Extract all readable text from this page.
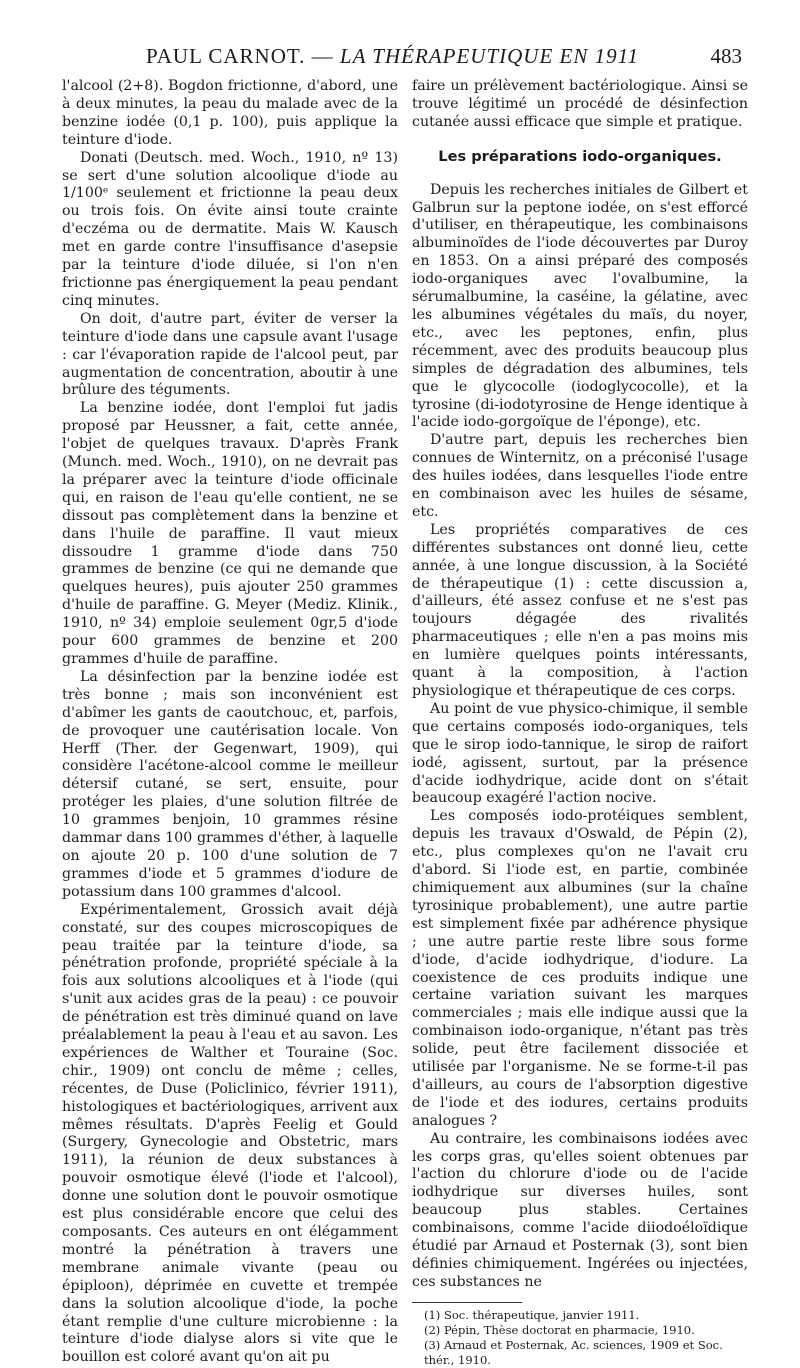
PAUL CARNOT. — LA THÉRAPEUTIQUE EN 1911	483

l'alcool (2+8). Bogdon frictionne, d'abord, une à deux minutes, la peau du malade avec de la benzine iodée (0,1 p. 100), puis applique la teinture d'iode.

Donati (Deutsch. med. Woch., 1910, nº 13) se sert d'une solution alcoolique d'iode au 1/100ᵉ seulement et frictionne la peau deux ou trois fois. On évite ainsi toute crainte d'eczéma ou de dermatite. Mais W. Kausch met en garde contre l'insuffisance d'asepsie par la teinture d'iode diluée, si l'on n'en frictionne pas énergiquement la peau pendant cinq minutes.

On doit, d'autre part, éviter de verser la teinture d'iode dans une capsule avant l'usage : car l'évaporation rapide de l'alcool peut, par augmentation de concentration, aboutir à une brûlure des téguments.

La benzine iodée, dont l'emploi fut jadis proposé par Heussner, a fait, cette année, l'objet de quelques travaux. D'après Frank (Munch. med. Woch., 1910), on ne devrait pas la préparer avec la teinture d'iode officinale qui, en raison de l'eau qu'elle contient, ne se dissout pas complètement dans la benzine et dans l'huile de paraffine. Il vaut mieux dissoudre 1 gramme d'iode dans 750 grammes de benzine (ce qui ne demande que quelques heures), puis ajouter 250 grammes d'huile de paraffine. G. Meyer (Mediz. Klinik., 1910, nº 34) emploie seulement 0gr,5 d'iode pour 600 grammes de benzine et 200 grammes d'huile de paraffine.

La désinfection par la benzine iodée est très bonne ; mais son inconvénient est d'abîmer les gants de caoutchouc, et, parfois, de provoquer une cautérisation locale. Von Herff (Ther. der Gegenwart, 1909), qui considère l'acétone-alcool comme le meilleur détersif cutané, se sert, ensuite, pour protéger les plaies, d'une solution filtrée de 10 grammes benjoin, 10 grammes résine dammar dans 100 grammes d'éther, à laquelle on ajoute 20 p. 100 d'une solution de 7 grammes d'iode et 5 grammes d'iodure de potassium dans 100 grammes d'alcool.

Expérimentalement, Grossich avait déjà constaté, sur des coupes microscopiques de peau traitée par la teinture d'iode, sa pénétration profonde, propriété spéciale à la fois aux solutions alcooliques et à l'iode (qui s'unit aux acides gras de la peau) : ce pouvoir de pénétration est très diminué quand on lave préalablement la peau à l'eau et au savon. Les expériences de Walther et Touraine (Soc. chir., 1909) ont conclu de même ; celles, récentes, de Duse (Policlinico, février 1911), histologiques et bactériologiques, arrivent aux mêmes résultats. D'après Feelig et Gould (Surgery, Gynecologie and Obstetric, mars 1911), la réunion de deux substances à pouvoir osmotique élevé (l'iode et l'alcool), donne une solution dont le pouvoir osmotique est plus considérable encore que celui des composants. Ces auteurs en ont élégamment montré la pénétration à travers une membrane animale vivante (peau ou épiploon), déprimée en cuvette et trempée dans la solution alcoolique d'iode, la poche étant remplie d'une culture microbienne : la teinture d'iode dialyse alors si vite que le bouillon est coloré avant qu'on ait pu

faire un prélèvement bactériologique. Ainsi se trouve légitimé un procédé de désinfection cutanée aussi efficace que simple et pratique.

Les préparations iodo-organiques.

Depuis les recherches initiales de Gilbert et Galbrun sur la peptone iodée, on s'est efforcé d'utiliser, en thérapeutique, les combinaisons albuminoïdes de l'iode découvertes par Duroy en 1853. On a ainsi préparé des composés iodo-organiques avec l'ovalbumine, la sérumalbumine, la caséine, la gélatine, avec les albumines végétales du maïs, du noyer, etc., avec les peptones, enfin, plus récemment, avec des produits beaucoup plus simples de dégradation des albumines, tels que le glycocolle (iodoglycocolle), et la tyrosine (di-iodotyrosine de Henge identique à l'acide iodo-gorgoïque de l'éponge), etc.

D'autre part, depuis les recherches bien connues de Winternitz, on a préconisé l'usage des huiles iodées, dans lesquelles l'iode entre en combinaison avec les huiles de sésame, etc.

Les propriétés comparatives de ces différentes substances ont donné lieu, cette année, à une longue discussion, à la Société de thérapeutique (1) : cette discussion a, d'ailleurs, été assez confuse et ne s'est pas toujours dégagée des rivalités pharmaceutiques ; elle n'en a pas moins mis en lumière quelques points intéressants, quant à la composition, à l'action physiologique et thérapeutique de ces corps.

Au point de vue physico-chimique, il semble que certains composés iodo-organiques, tels que le sirop iodo-tannique, le sirop de raifort iodé, agissent, surtout, par la présence d'acide iodhydrique, acide dont on s'était beaucoup exagéré l'action nocive.

Les composés iodo-protéiques semblent, depuis les travaux d'Oswald, de Pépin (2), etc., plus complexes qu'on ne l'avait cru d'abord. Si l'iode est, en partie, combinée chimiquement aux albumines (sur la chaîne tyrosinique probablement), une autre partie est simplement fixée par adhérence physique ; une autre partie reste libre sous forme d'iode, d'acide iodhydrique, d'iodure. La coexistence de ces produits indique une certaine variation suivant les marques commerciales ; mais elle indique aussi que la combinaison iodo-organique, n'étant pas très solide, peut être facilement dissociée et utilisée par l'organisme. Ne se forme-t-il pas d'ailleurs, au cours de l'absorption digestive de l'iode et des iodures, certains produits analogues ?

Au contraire, les combinaisons iodées avec les corps gras, qu'elles soient obtenues par l'action du chlorure d'iode ou de l'acide iodhydrique sur diverses huiles, sont beaucoup plus stables. Certaines combinaisons, comme l'acide diiodoéloïdique étudié par Arnaud et Posternak (3), sont bien définies chimiquement. Ingérées ou injectées, ces substances ne

(1) Soc. thérapeutique, janvier 1911.

(2) Pépin, Thèse doctorat en pharmacie, 1910.

(3) Arnaud et Posternak, Ac. sciences, 1909 et Soc. thér., 1910.
